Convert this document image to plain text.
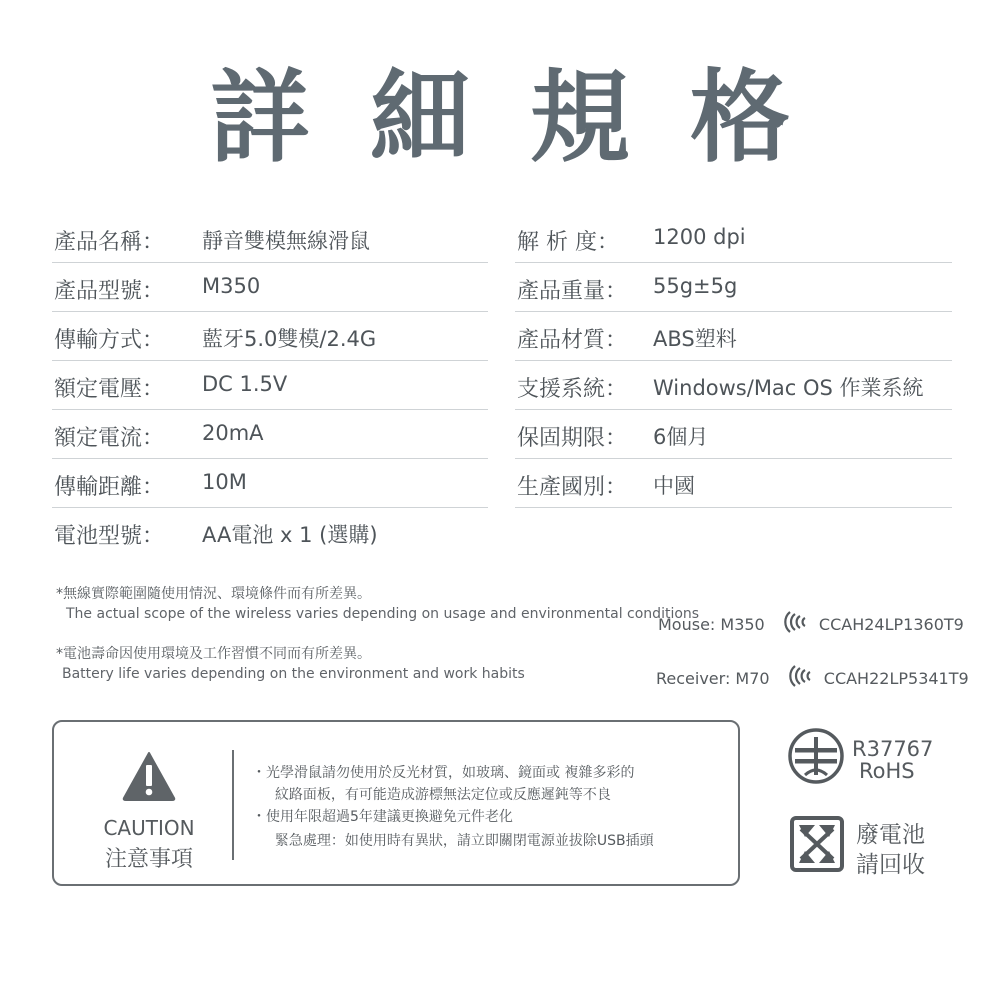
詳細規格
產品名稱： 靜音雙模無線滑鼠
產品型號： M350
傳輸方式： 藍牙5.0雙模/2.4G
額定電壓： DC 1.5V
額定電流： 20mA
傳輸距離： 10M
電池型號： AA電池 x 1 (選購)
解 析 度： 1200 dpi
產品重量： 55g±5g
產品材質： ABS塑料
支援系統： Windows/Mac OS 作業系統
保固期限： 6個月
生產國別： 中國
*無線實際範圍隨使用情況、環境條件而有所差異。
The actual scope of the wireless varies depending on usage and environmental conditions
*電池壽命因使用環境及工作習慣不同而有所差異。
Battery life varies depending on the environment and work habits
Mouse: M350	CCAH24LP1360T9
Receiver: M70	CCAH22LP5341T9
CAUTION
注意事項
・光學滑鼠請勿使用於反光材質，如玻璃、鏡面或 複雜多彩的
紋路面板，有可能造成游標無法定位或反應遲鈍等不良
・使用年限超過5年建議更換避免元件老化
緊急處理：如使用時有異狀，請立即關閉電源並拔除USB插頭
R37767
RoHS
廢電池
請回收
